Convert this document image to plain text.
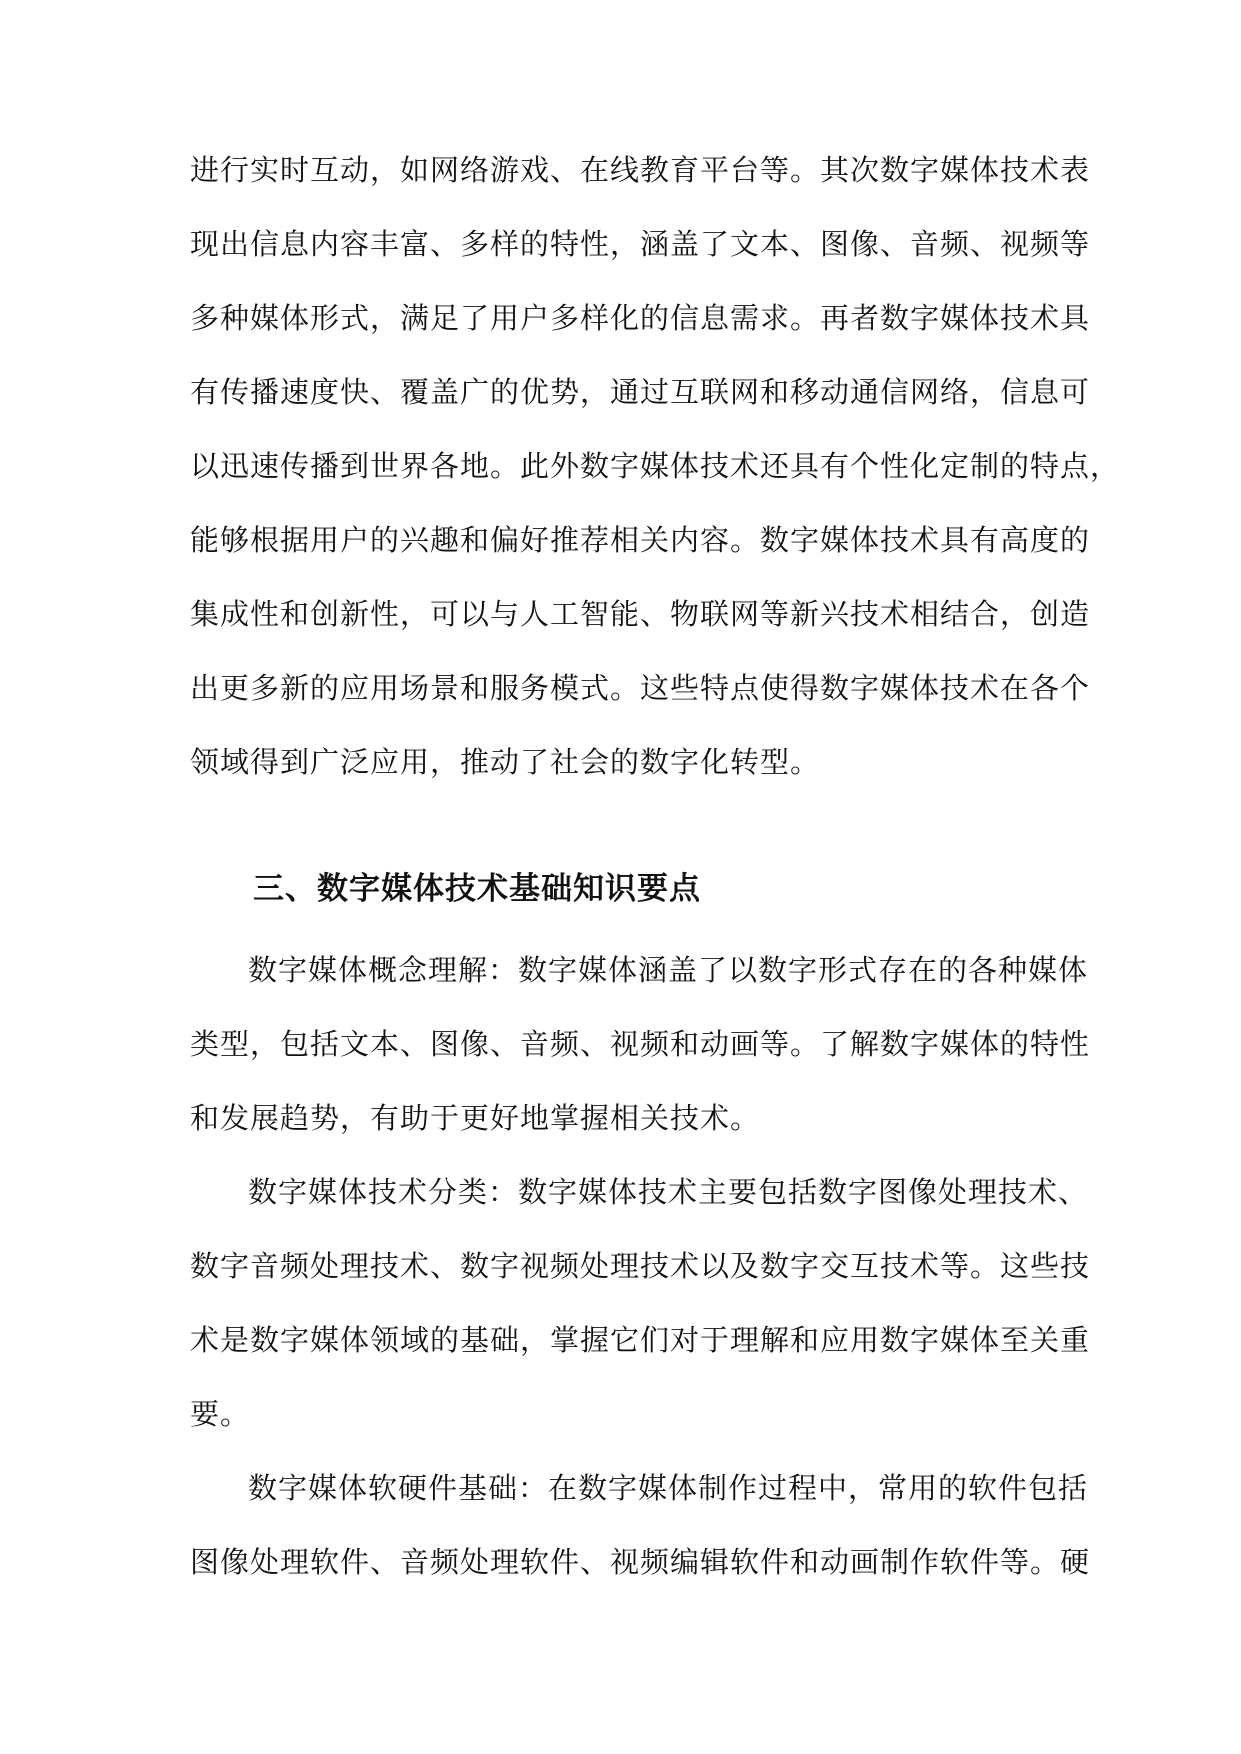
进行实时互动，如网络游戏、在线教育平台等。其次数字媒体技术表
现出信息内容丰富、多样的特性，涵盖了文本、图像、音频、视频等
多种媒体形式，满足了用户多样化的信息需求。再者数字媒体技术具
有传播速度快、覆盖广的优势，通过互联网和移动通信网络，信息可
以迅速传播到世界各地。此外数字媒体技术还具有个性化定制的特点，
能够根据用户的兴趣和偏好推荐相关内容。数字媒体技术具有高度的
集成性和创新性，可以与人工智能、物联网等新兴技术相结合，创造
出更多新的应用场景和服务模式。这些特点使得数字媒体技术在各个
领域得到广泛应用，推动了社会的数字化转型。
三、数字媒体技术基础知识要点
数字媒体概念理解：数字媒体涵盖了以数字形式存在的各种媒体
类型，包括文本、图像、音频、视频和动画等。了解数字媒体的特性
和发展趋势，有助于更好地掌握相关技术。
数字媒体技术分类：数字媒体技术主要包括数字图像处理技术、
数字音频处理技术、数字视频处理技术以及数字交互技术等。这些技
术是数字媒体领域的基础，掌握它们对于理解和应用数字媒体至关重
要。
数字媒体软硬件基础：在数字媒体制作过程中，常用的软件包括
图像处理软件、音频处理软件、视频编辑软件和动画制作软件等。硬
